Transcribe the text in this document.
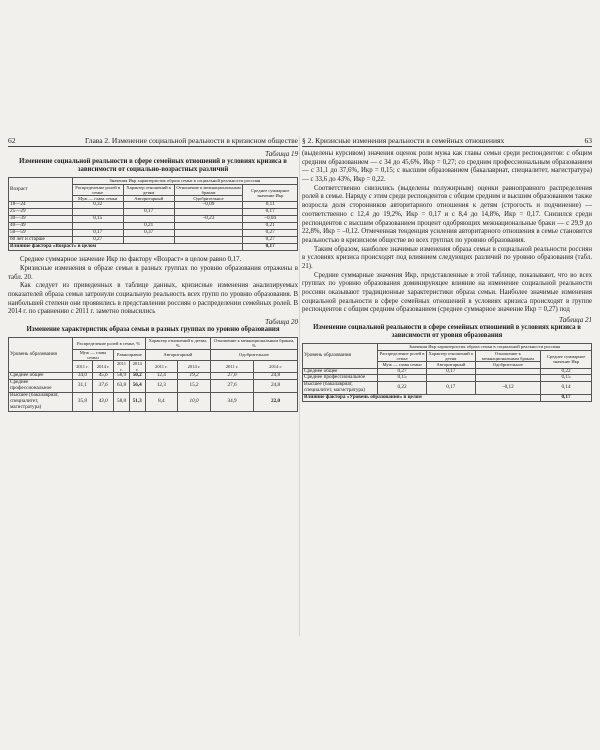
62	Глава 2. Изменение социальной реальности в кризисном обществе
Таблица 19
Изменение социальной реальности в сфере семейных отношений в условиях кризиса в зависимости от социально-возрастных различий
Возраст	Значения Икр характеристик образа семьи в социальной реальности россиян			
	Распределение ролей в семье	Характер отношений к детям	Отношение к межнациональным бракам	Среднее суммарное значение Икр
	Муж — глава семьи	Авторитарный	Одобрительное	
18—24	0,32		–0,09	0,11
25—29		0,17		0,17
30—39	0,15		–0,23	–0,04
40—49		0,21		0,21
50—59	0,17	0,37		0,27
60 лет и старше	0,27			0,27
Влияние фактора «Возраст» в целом				0,17

Среднее суммарное значение Икр по фактору «Возраст» в целом равно 0,17.

Кризисные изменения в образе семьи в разных группах по уровню образования отражены в табл. 20.

Как следует из приведенных в таблице данных, кризисные изменения анализируемых показателей образа семьи затронули социальную реальность всех групп по уровню образования. В наибольшей степени они проявились в представлении россиян о распределении семейных ролей. В 2014 г. по сравнению с 2011 г. заметно повысились

Таблица 20
Изменение характеристик образа семьи в разных группах по уровню образования
Уровень образования	Распределение ролей в семье, %				Характер отношений к детям, %		Отношение к межнациональным бракам, %	
	Муж — глава семьи		Равноправие		Авторитарный		Одобрительное	
	2011 г.	2014 г.	2011 г.	2014 г.	2011 г.	2014 г.	2011 г.	2014 г.
Среднее общее	34,0	45,6	58,9	50,2	12,4	19,2	27,0	24,8
Среднее профессиональное	31,1	37,6	63,8	56,4	12,3	15,2	27,6	24,8
Высшее (бакалавриат, специалитет, магистратура)	35,8	43,0	58,8	51,3	8,4	10,0	34,9	22,0
§ 2. Кризисные изменения реальности в семейных отношениях	63

(выделены курсивом) значения оценок роли мужа как главы семьи среди респондентов: с общим средним образованием — с 34 до 45,6%, Икр = 0,27; со средним профессиональным образованием — с 31,1 до 37,6%, Икр = 0,15; с высшим образованием (бакалавриат, специалитет, магистратура) — с 33,6 до 43%, Икр = 0,22.

Соответственно снизились (выделены полужирным) оценки равноправного распределения ролей в семье. Наряду с этим среди респондентов с общим средним и высшим образованием также возросла доля сторонников авторитарного отношения к детям (строгость и подчинение) — соответственно с 12,4 до 19,2%, Икр = 0,17 и с 8,4 до 14,8%, Икр = 0,17. Снизился среди респондентов с высшим образованием процент одобряющих межнациональные браки — с 29,9 до 22,8%, Икр = –0,12. Отмеченная тенденция усиления авторитарного отношения в семье становится реальностью в кризисном обществе во всех группах по уровню образования.

Таким образом, наиболее значимые изменения образа семьи в социальной реальности россиян в условиях кризиса происходят под влиянием следующих различий по уровню образования (табл. 21).

Средние суммарные значения Икр, представленные в этой таблице, показывают, что во всех группах по уровню образования доминирующее влияние на изменение социальной реальности россиян оказывают традиционные характеристики образа семьи. Наиболее значимые изменения социальной реальности в сфере семейных отношений в условиях кризиса происходят в группе респондентов с общим средним образованием (среднее суммарное значение Икр = 0,27) под

Таблица 21
Изменение социальной реальности в сфере семейных отношений в условиях кризиса в зависимости от уровня образования
Уровень образования	Значения Икр характеристик образа семьи в социальной реальности россиян			
	Распределение ролей в семье	Характер отношений к детям	Отношение к межнациональным бракам	Среднее суммарное значение Икр
	Муж — глава семьи	Авторитарный	Одобрительное	
Среднее общее	0,27	0,17		0,22
Среднее профессиональное	0,15			0,15
Высшее (бакалавриат, специалитет, магистратура)	0,22	0,17	–0,12	0,14
Влияние фактора «Уровень образования» в целом				0,17
